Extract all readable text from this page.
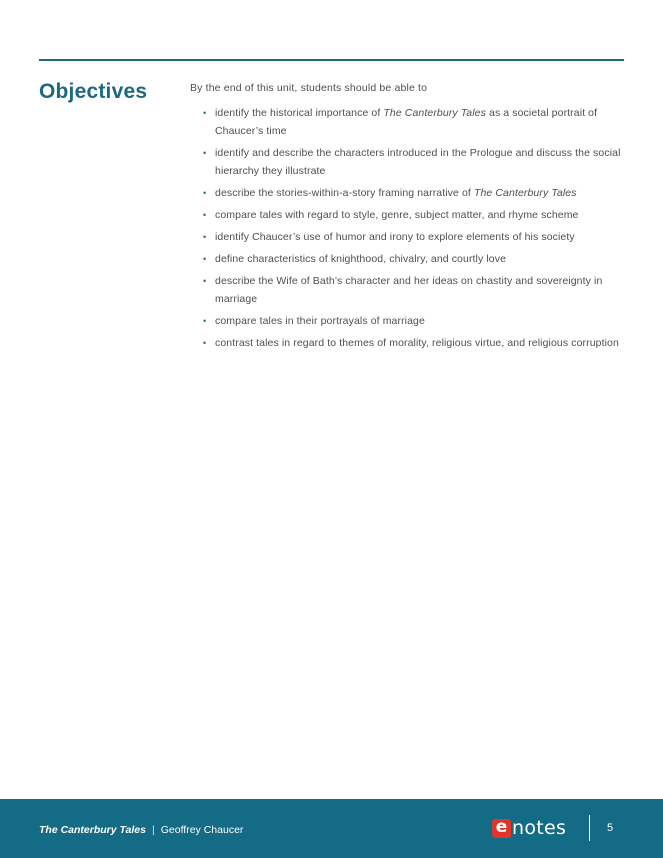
Objectives	By the end of this unit, students should be able to
• identify the historical importance of The Canterbury Tales as a societal portrait of Chaucer’s time
• identify and describe the characters introduced in the Prologue and discuss the social hierarchy they illustrate
• describe the stories-within-a-story framing narrative of The Canterbury Tales
• compare tales with regard to style, genre, subject matter, and rhyme scheme
• identify Chaucer’s use of humor and irony to explore elements of his society
• define characteristics of knighthood, chivalry, and courtly love
• describe the Wife of Bath’s character and her ideas on chastity and sovereignty in marriage
• compare tales in their portrayals of marriage
• contrast tales in regard to themes of morality, religious virtue, and religious corruption
The Canterbury Tales | Geoffrey Chaucer	e notes	5
